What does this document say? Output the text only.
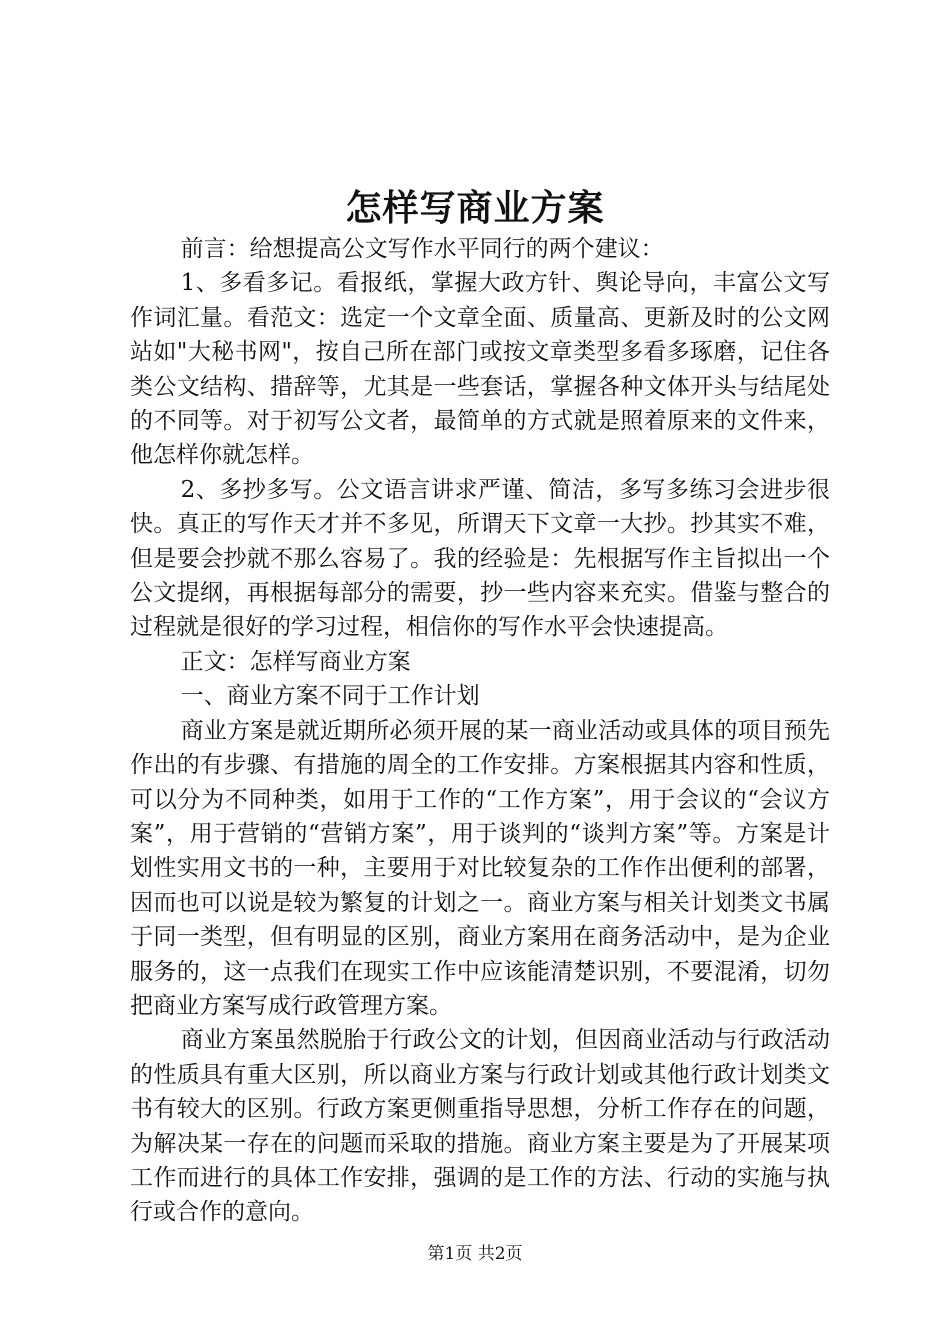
怎样写商业方案

前言：给想提高公文写作水平同行的两个建议：

1、多看多记。看报纸，掌握大政方针、舆论导向，丰富公文写作词汇量。看范文：选定一个文章全面、质量高、更新及时的公文网站如"大秘书网"，按自己所在部门或按文章类型多看多琢磨，记住各类公文结构、措辞等，尤其是一些套话，掌握各种文体开头与结尾处的不同等。对于初写公文者，最简单的方式就是照着原来的文件来，他怎样你就怎样。

2、多抄多写。公文语言讲求严谨、简洁，多写多练习会进步很快。真正的写作天才并不多见，所谓天下文章一大抄。抄其实不难，但是要会抄就不那么容易了。我的经验是：先根据写作主旨拟出一个公文提纲，再根据每部分的需要，抄一些内容来充实。借鉴与整合的过程就是很好的学习过程，相信你的写作水平会快速提高。

正文：怎样写商业方案

一、商业方案不同于工作计划

商业方案是就近期所必须开展的某一商业活动或具体的项目预先作出的有步骤、有措施的周全的工作安排。方案根据其内容和性质，可以分为不同种类，如用于工作的“工作方案”，用于会议的“会议方案”，用于营销的“营销方案”，用于谈判的“谈判方案”等。方案是计划性实用文书的一种，主要用于对比较复杂的工作作出便利的部署，因而也可以说是较为繁复的计划之一。商业方案与相关计划类文书属于同一类型，但有明显的区别，商业方案用在商务活动中，是为企业服务的，这一点我们在现实工作中应该能清楚识别，不要混淆，切勿把商业方案写成行政管理方案。

商业方案虽然脱胎于行政公文的计划，但因商业活动与行政活动的性质具有重大区别，所以商业方案与行政计划或其他行政计划类文书有较大的区别。行政方案更侧重指导思想，分析工作存在的问题，为解决某一存在的问题而采取的措施。商业方案主要是为了开展某项工作而进行的具体工作安排，强调的是工作的方法、行动的实施与执行或合作的意向。

第1页 共2页
